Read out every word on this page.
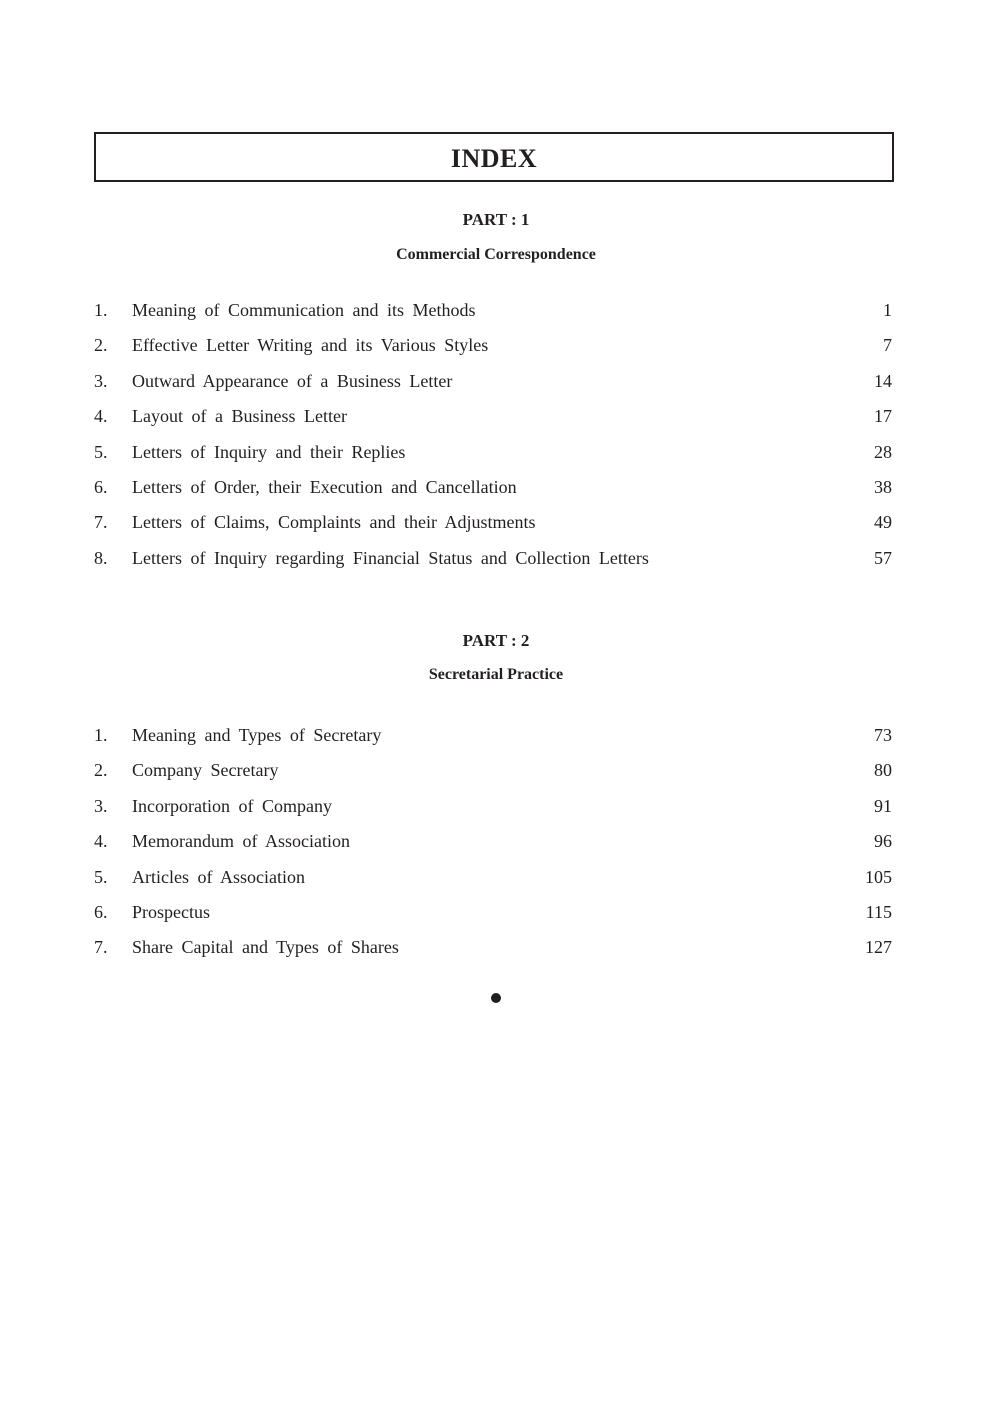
INDEX
PART : 1
Commercial Correspondence
1.	Meaning of Communication and its Methods	1
2.	Effective Letter Writing and its Various Styles	7
3.	Outward Appearance of a Business Letter	14
4.	Layout of a Business Letter	17
5.	Letters of Inquiry and their Replies	28
6.	Letters of Order, their Execution and Cancellation	38
7.	Letters of Claims, Complaints and their Adjustments	49
8.	Letters of Inquiry regarding Financial Status and Collection Letters	57
PART : 2
Secretarial Practice
1.	Meaning and Types of Secretary	73
2.	Company Secretary	80
3.	Incorporation of Company	91
4.	Memorandum of Association	96
5.	Articles of Association	105
6.	Prospectus	115
7.	Share Capital and Types of Shares	127
